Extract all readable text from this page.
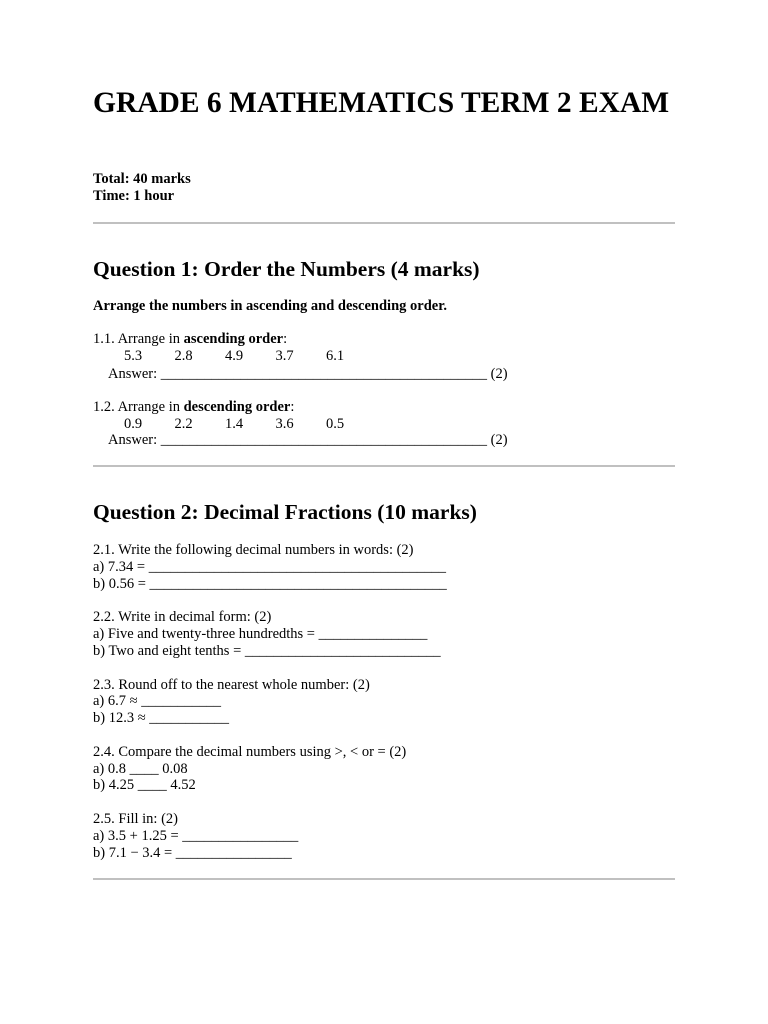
GRADE 6 MATHEMATICS TERM 2 EXAM
Total: 40 marks
Time: 1 hour
Question 1: Order the Numbers (4 marks)
Arrange the numbers in ascending and descending order.
1.1. Arrange in ascending order:
5.3 2.8 4.9 3.7 6.1
Answer: _____________________________________________ (2)
1.2. Arrange in descending order:
0.9 2.2 1.4 3.6 0.5
Answer: _____________________________________________ (2)
Question 2: Decimal Fractions (10 marks)
2.1. Write the following decimal numbers in words: (2)
a) 7.34 = _________________________________________
b) 0.56 = _________________________________________
2.2. Write in decimal form: (2)
a) Five and twenty-three hundredths = _______________
b) Two and eight tenths = ___________________________
2.3. Round off to the nearest whole number: (2)
a) 6.7 ≈ ___________
b) 12.3 ≈ ___________
2.4. Compare the decimal numbers using >, < or = (2)
a) 0.8 ____ 0.08
b) 4.25 ____ 4.52
2.5. Fill in: (2)
a) 3.5 + 1.25 = ________________
b) 7.1 − 3.4 = ________________
